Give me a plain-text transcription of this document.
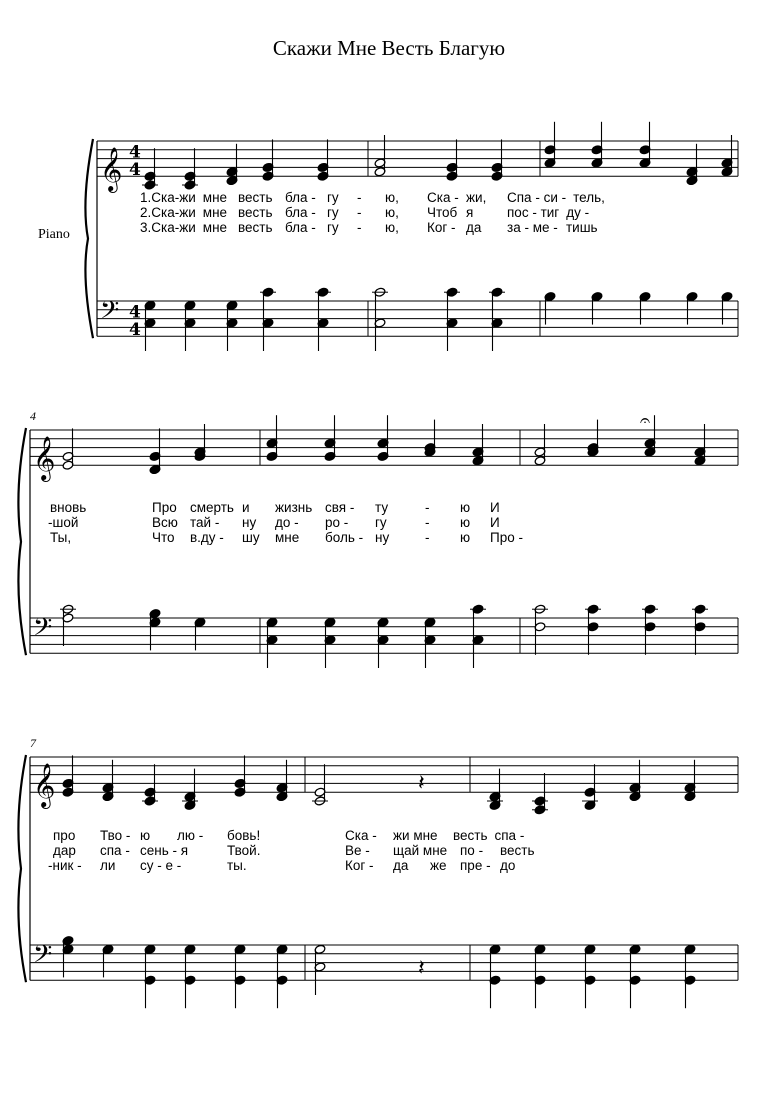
Скажи Мне Весть Благую
Piano
4
7
𝄞
𝄢
4
4
4
4
𝄞
𝄢
𝄞
𝄢
𝄽
𝄽
𝄐
1.Ска-жи мне весть бла - гу - ю, Ска - жи, Спа - си - тель,
2.Ска-жи мне весть бла - гу - ю, Чтоб я пос - тиг ду -
3.Ска-жи мне весть бла - гу - ю, Ког - да за - ме - тишь
вновь	Про смерть и жизнь свя - ту	- ю И
-шой	Всю тай - ну до - ро - гу	- ю И
Ты,	Что в.ду - шу мне боль - ну	- ю Про -
про Тво - ю лю - бовь!	Ска - жи мне весть спа -
дар спа - сень - я	Твой.	Ве - щай мне по - весть
-ник - ли су - е -	ты.	Ког - да же пре - до
